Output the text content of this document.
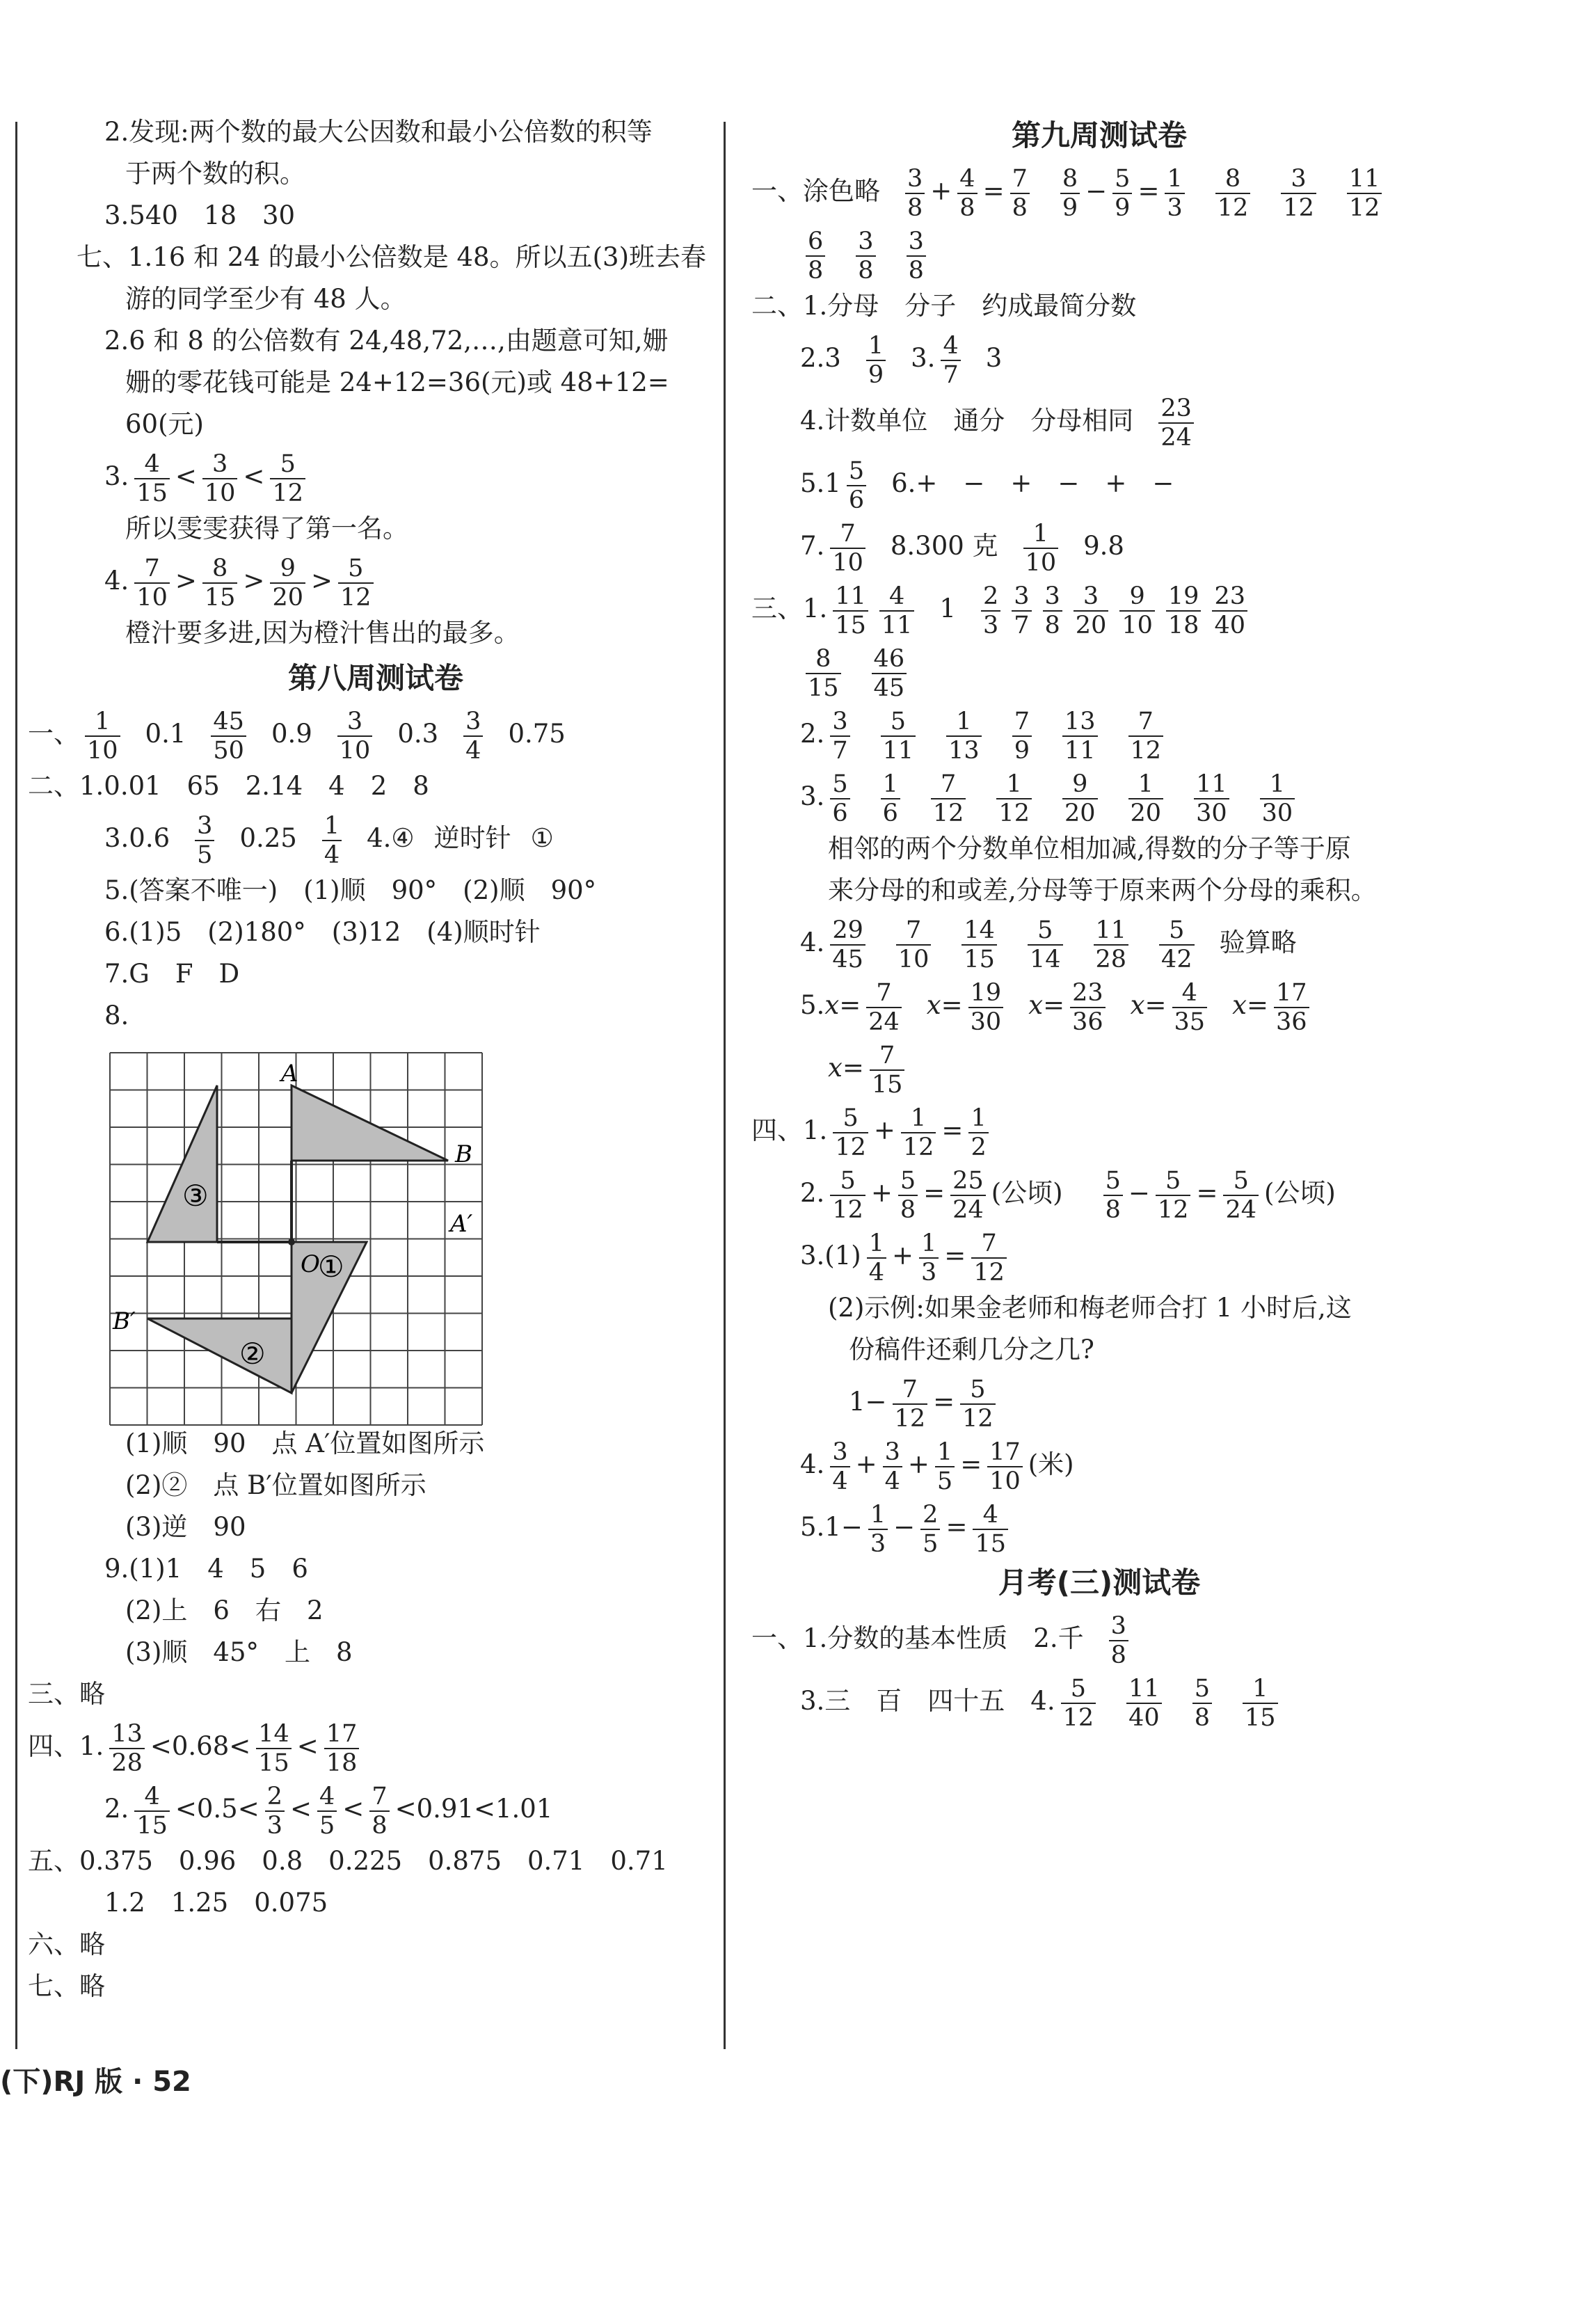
2.发现:两个数的最大公因数和最小公倍数的积等
于两个数的积。
3.540　18　30
七、1.16 和 24 的最小公倍数是 48。所以五(3)班去春
游的同学至少有 48 人。
2.6 和 8 的公倍数有 24,48,72,…,由题意可知,姗
姗的零花钱可能是 24+12=36(元)或 48+12=
60(元)
3. $\frac{4}{15} < \frac{3}{10} < \frac{5}{12}$
所以雯雯获得了第一名。
4. $\frac{7}{10} > \frac{8}{15} > \frac{9}{20} > \frac{5}{12}$
橙汁要多进,因为橙汁售出的最多。
第八周测试卷
一、 $\frac{1}{10} 0.1 \frac{45}{50} 0.9 \frac{3}{10} 0.3 \frac{3}{4} 0.75$
二、1.0.01　65　2.14　4　2　8
$3.0.6 \frac{3}{5} 0.25 \frac{1}{4}$ 4.④ 逆时针 ①
5.(答案不唯一)　(1)顺　90°　(2)顺　90°
6.(1)5　(2)180°　(3)12　(4)顺时针
7.G　F　D
8.
(1)顺　90　点 A′位置如图所示
(2)②　点 B′位置如图所示
(3)逆　90
9.(1)1　4　5　6
(2)上　6　右　2
(3)顺　45°　上　8
三、略
四、1. $\frac{13}{28} <0.68< \frac{14}{15} < \frac{17}{18}$
2. $\frac{4}{15} <0.5< \frac{2}{3} < \frac{4}{5} < \frac{7}{8} <0.91<1.01$
五、0.375　0.96　0.8　0.225　0.875　0.71　0.71
1.2　1.25　0.075
六、略
七、略
A
B
A′
B′
O
①
②
③
第九周测试卷
一、涂色略 $\frac{3}{8} + \frac{4}{8} = \frac{7}{8} \frac{8}{9} - \frac{5}{9} = \frac{1}{3} \frac{8}{12} \frac{3}{12} \frac{11}{12}$
$\frac{6}{8} \frac{3}{8} \frac{3}{8}$
二、1.分母　分子　约成最简分数
$2.3 \frac{1}{9} 3$. $\frac{4}{7} 3$
4.计数单位　通分　分母相同 $\frac{23}{24}$
$5.1 \frac{5}{6} 6.+$　−　+　−　+　−
7. $\frac{7}{10} 8.300$ 克 $\frac{1}{10} 9.8$
三、1. $\frac{11}{15} \frac{4}{11} 1 \frac{2}{3} \frac{3}{7} \frac{3}{8} \frac{3}{20} \frac{9}{10} \frac{19}{18} \frac{23}{40}$
$\frac{8}{15} \frac{46}{45}$
2. $\frac{3}{7} \frac{5}{11} \frac{1}{13} \frac{7}{9} \frac{13}{11} \frac{7}{12}$
3. $\frac{5}{6} \frac{1}{6} \frac{7}{12} \frac{1}{12} \frac{9}{20} \frac{1}{20} \frac{11}{30} \frac{1}{30}$
相邻的两个分数单位相加减,得数的分子等于原
来分母的和或差,分母等于原来两个分母的乘积。
4. $\frac{29}{45} \frac{7}{10} \frac{14}{15} \frac{5}{14} \frac{11}{28} \frac{5}{42}$ 验算略
$5.x= \frac{7}{24} x= \frac{19}{30} x= \frac{23}{36} x= \frac{4}{35} x= \frac{17}{36}$
$x= \frac{7}{15}$
四、1. $\frac{5}{12} + \frac{1}{12} = \frac{1}{2}$
2. $\frac{5}{12} + \frac{5}{8} = \frac{25}{24}$ (公顷) $\frac{5}{8} - \frac{5}{12} = \frac{5}{24}$ (公顷)
$3.(1) \frac{1}{4} + \frac{1}{3} = \frac{7}{12}$
(2)示例:如果金老师和梅老师合打 1 小时后,这
份稿件还剩几分之几?
$1- \frac{7}{12} = \frac{5}{12}$
4. $\frac{3}{4} + \frac{3}{4} + \frac{1}{5} = \frac{17}{10}$ (米)
$5.1- \frac{1}{3} - \frac{2}{5} = \frac{4}{15}$
月考(三)测试卷
一、1.分数的基本性质　2.千 $\frac{3}{8}$
3.三　百　四十五　4. $\frac{5}{12} \frac{11}{40} \frac{5}{8} \frac{1}{15}$
(下)RJ 版 · 52
